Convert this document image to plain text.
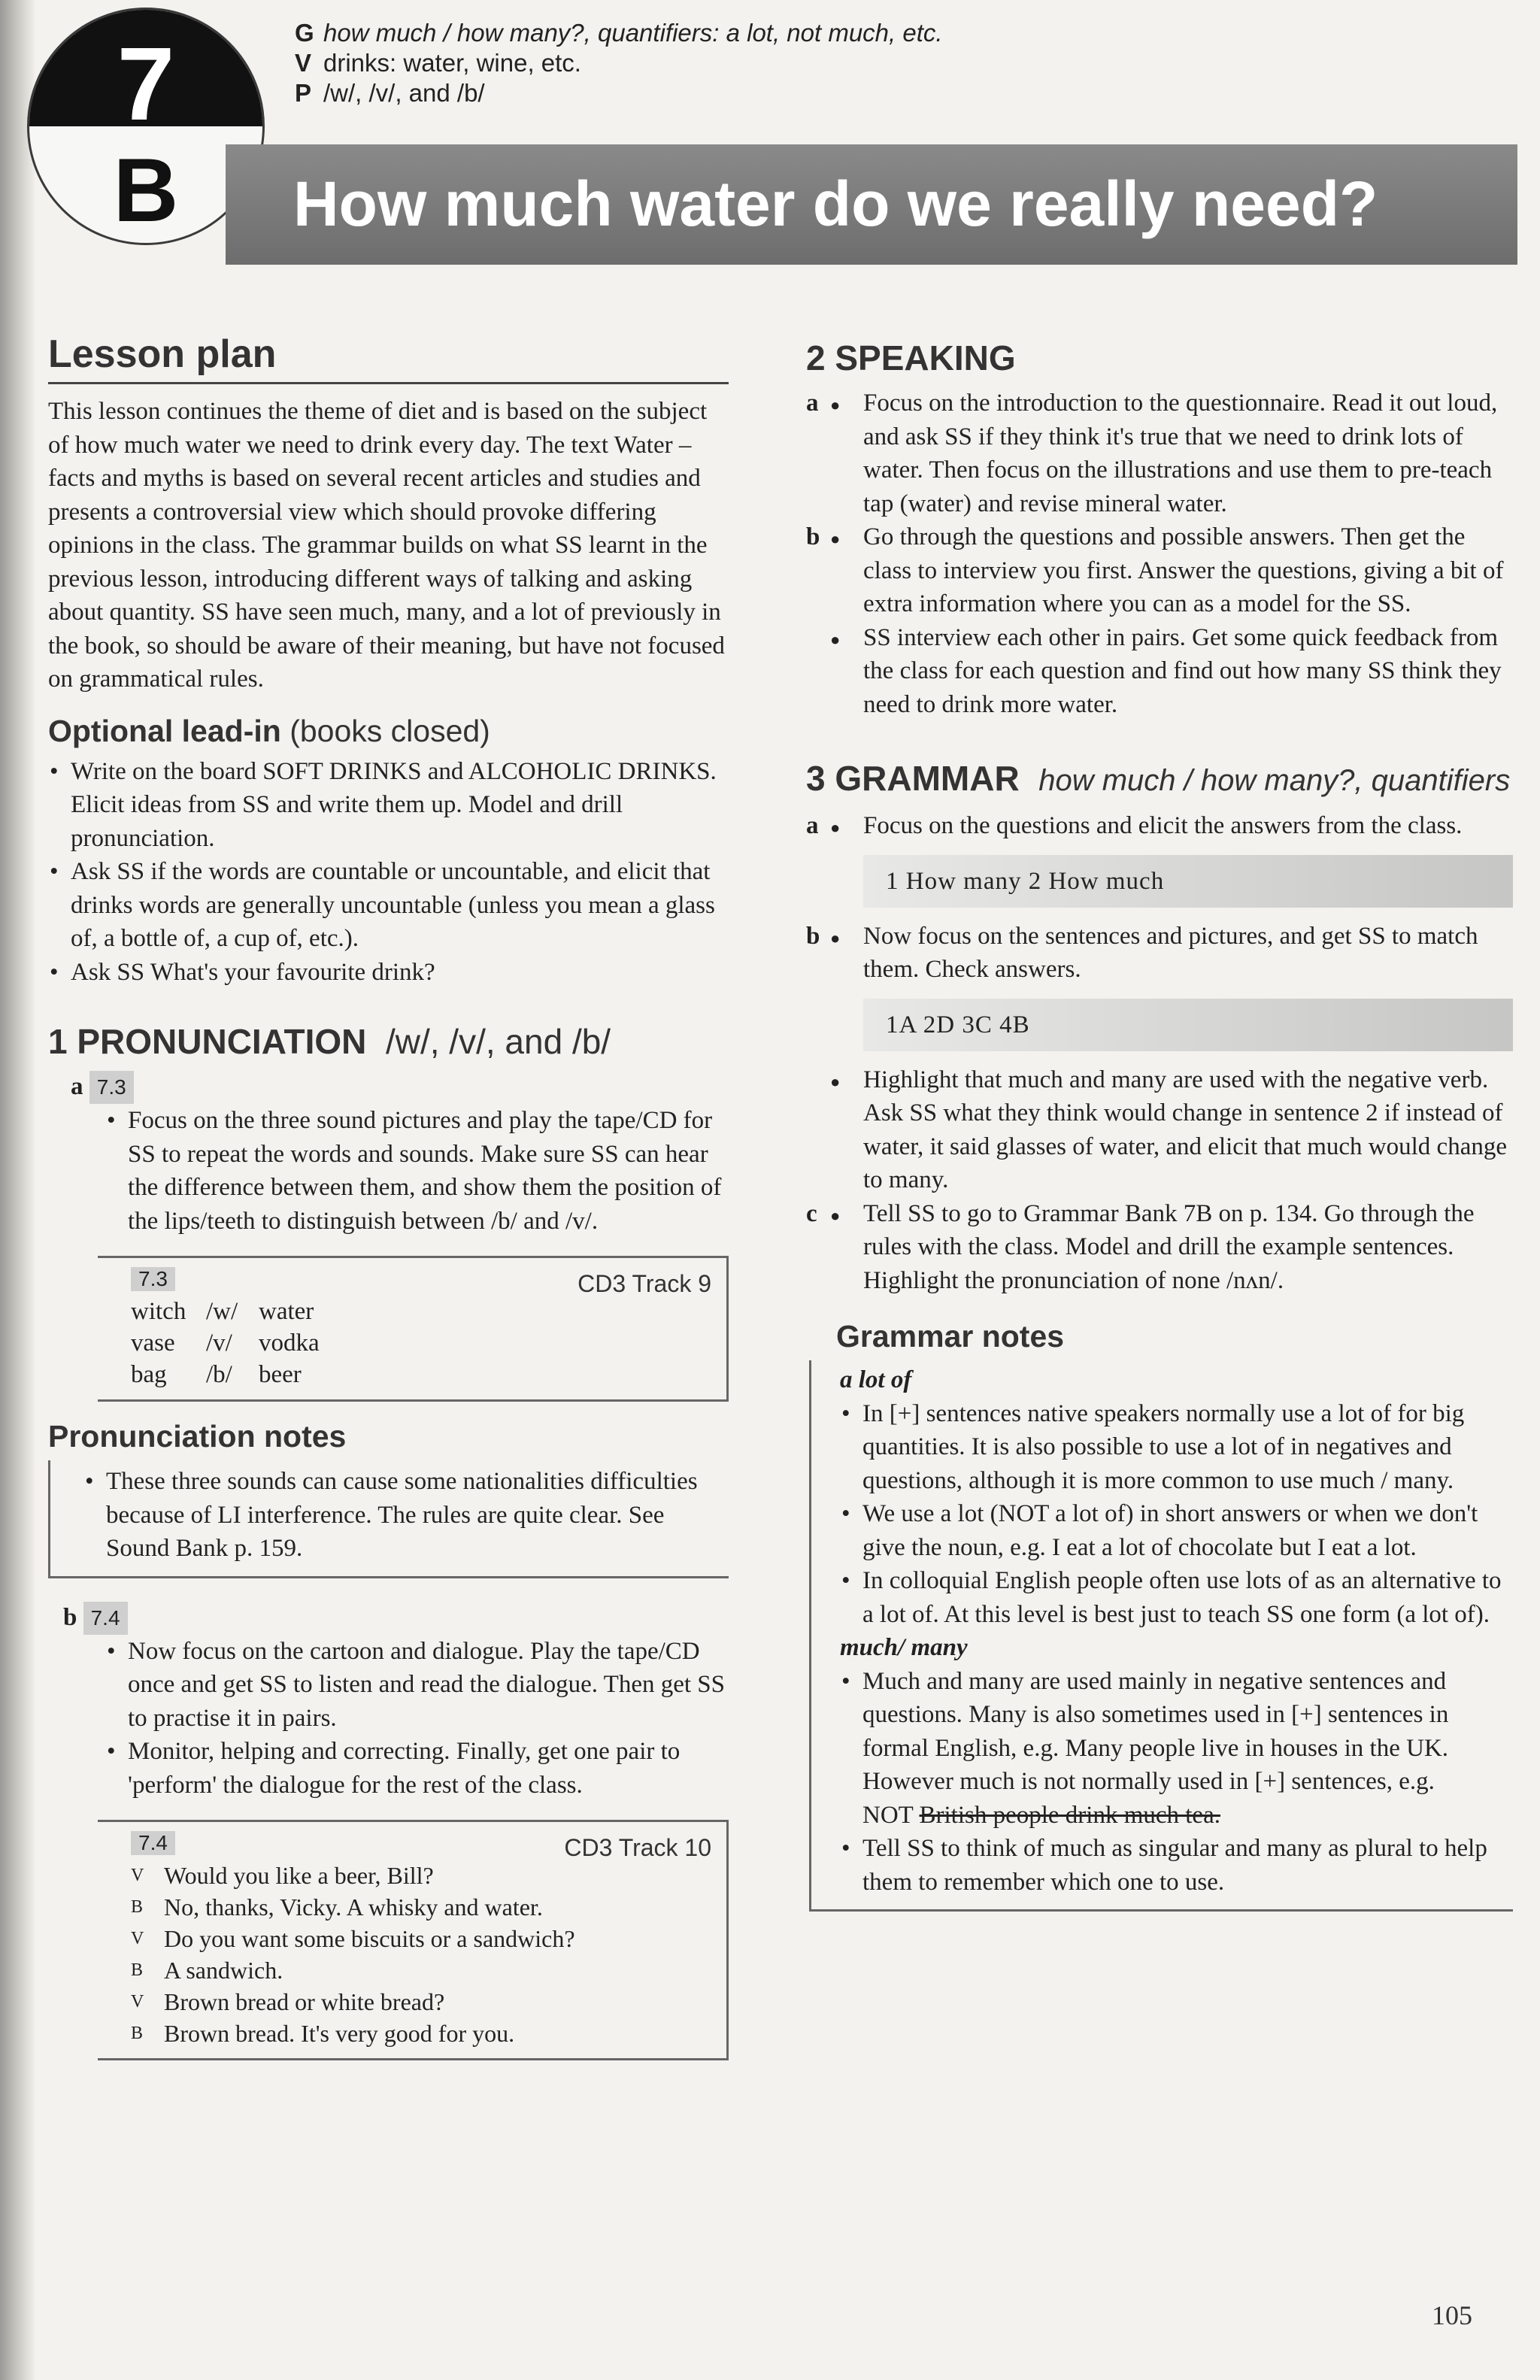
7
B
G how much / how many?, quantifiers: a lot, not much, etc.
V drinks: water, wine, etc.
P /w/, /v/, and /b/
How much water do we really need?
Lesson plan

This lesson continues the theme of diet and is based on the subject of how much water we need to drink every day. The text Water – facts and myths is based on several recent articles and studies and presents a controversial view which should provoke differing opinions in the class. The grammar builds on what SS learnt in the previous lesson, introducing different ways of talking and asking about quantity. SS have seen much, many, and a lot of previously in the book, so should be aware of their meaning, but have not focused on grammatical rules.

Optional lead-in (books closed)
• Write on the board SOFT DRINKS and ALCOHOLIC DRINKS. Elicit ideas from SS and write them up. Model and drill pronunciation.
• Ask SS if the words are countable or uncountable, and elicit that drinks words are generally uncountable (unless you mean a glass of, a bottle of, a cup of, etc.).
• Ask SS What's your favourite drink?
1 PRONUNCIATION /w/, /v/, and /b/
a 7.3
• Focus on the three sound pictures and play the tape/CD for SS to repeat the words and sounds. Make sure SS can hear the difference between them, and show them the position of the lips/teeth to distinguish between /b/ and /v/.
CD3 Track 9
7.3
witch /w/ water
vase	/v/	vodka
bag	/b/	beer
Pronunciation notes
• These three sounds can cause some nationalities difficulties because of LI interference. The rules are quite clear. See Sound Bank p. 159.
b 7.4
• Now focus on the cartoon and dialogue. Play the tape/CD once and get SS to listen and read the dialogue. Then get SS to practise it in pairs.
• Monitor, helping and correcting. Finally, get one pair to 'perform' the dialogue for the rest of the class.
CD3 Track 10
7.4
V Would you like a beer, Bill?
B No, thanks, Vicky. A whisky and water.
V Do you want some biscuits or a sandwich?
B A sandwich.
V Brown bread or white bread?
B Brown bread. It's very good for you.
2 SPEAKING
a ● Focus on the introduction to the questionnaire. Read it out loud, and ask SS if they think it's true that we need to drink lots of water. Then focus on the illustrations and use them to pre-teach tap (water) and revise mineral water.

b ● Go through the questions and possible answers. Then get the class to interview you first. Answer the questions, giving a bit of extra information where you can as a model for the SS.

●

SS interview each other in pairs. Get some quick feedback from the class for each question and find out how many SS think they need to drink more water.

3 GRAMMAR how much / how many?, quantifiers
a ● Focus on the questions and elicit the answers from the class.

1 How many 2 How much
b ● Now focus on the sentences and pictures, and get SS to match them. Check answers.

1A 2D 3C 4B
●

Highlight that much and many are used with the negative verb. Ask SS what they think would change in sentence 2 if instead of water, it said glasses of water, and elicit that much would change to many.

c ● Tell SS to go to Grammar Bank 7B on p. 134. Go through the rules with the class. Model and drill the example sentences. Highlight the pronunciation of none /nʌn/.

Grammar notes
a lot of
• In [+] sentences native speakers normally use a lot of for big quantities. It is also possible to use a lot of in negatives and questions, although it is more common to use much / many.
• We use a lot (NOT a lot of) in short answers or when we don't give the noun, e.g. I eat a lot of chocolate but I eat a lot.
• In colloquial English people often use lots of as an alternative to a lot of. At this level is best just to teach SS one form (a lot of).
much/ many
• Much and many are used mainly in negative sentences and questions. Many is also sometimes used in [+] sentences in formal English, e.g. Many people live in houses in the UK. However much is not normally used in [+] sentences, e.g.
NOT British people drink much tea.
• Tell SS to think of much as singular and many as plural to help them to remember which one to use.
105
